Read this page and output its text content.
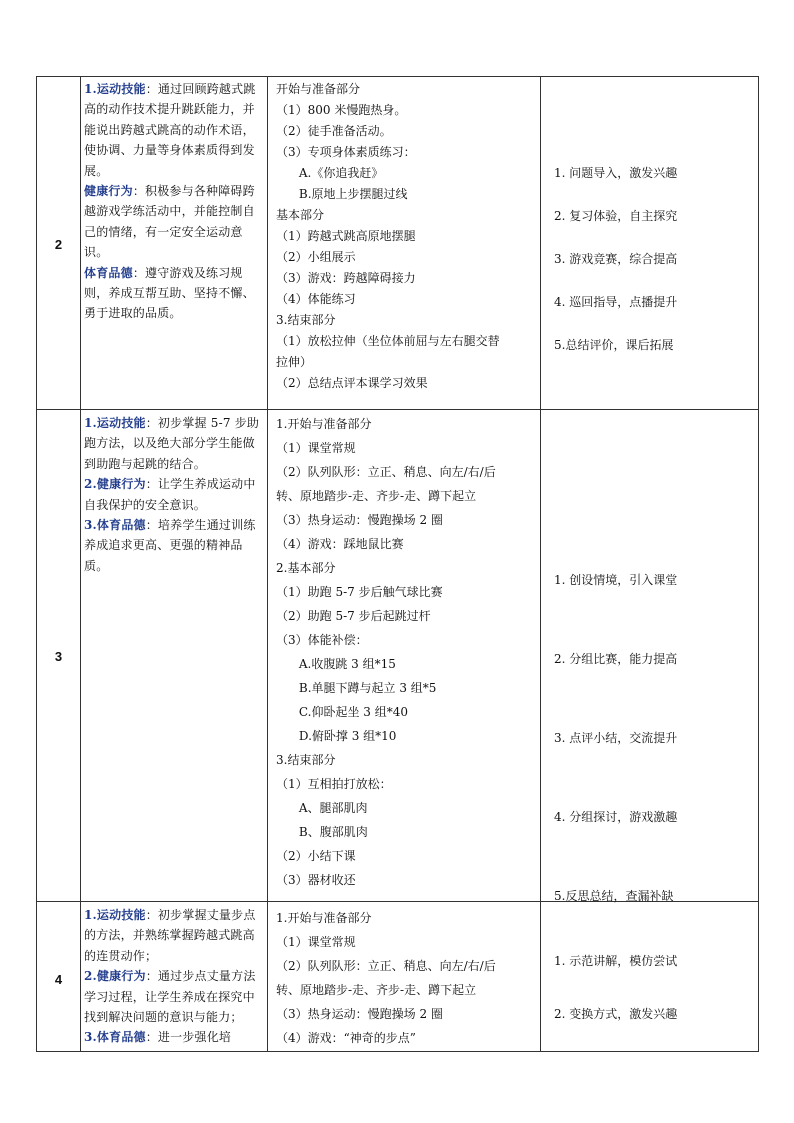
2

1.运动技能：通过回顾跨越式跳高的动作技术提升跳跃能力，并能说出跨越式跳高的动作术语，使协调、力量等身体素质得到发展。

健康行为：积极参与各种障碍跨越游戏学练活动中，并能控制自己的情绪，有一定安全运动意识。

体育品德：遵守游戏及练习规则，养成互帮互助、坚持不懈、勇于进取的品质。

开始与准备部分
（1）800 米慢跑热身。
（2）徒手准备活动。
（3）专项身体素质练习：
A.《你追我赶》
B.原地上步摆腿过线
基本部分
（1）跨越式跳高原地摆腿
（2）小组展示
（3）游戏：跨越障碍接力
（4）体能练习
3.结束部分
（1）放松拉伸（坐位体前屈与左右腿交替
拉伸）
（2）总结点评本课学习效果
1. 问题导入，激发兴趣
2. 复习体验，自主探究
3. 游戏竞赛，综合提高
4. 巡回指导，点播提升
5.总结评价，课后拓展
3

1.运动技能：初步掌握 5-7 步助跑方法，以及绝大部分学生能做到助跑与起跳的结合。

2.健康行为：让学生养成运动中自我保护的安全意识。

3.体育品德：培养学生通过训练养成追求更高、更强的精神品质。

1.开始与准备部分
（1）课堂常规
（2）队列队形：立正、稍息、向左/右/后
转、原地踏步-走、齐步-走、蹲下起立
（3）热身运动：慢跑操场 2 圈
（4）游戏：踩地鼠比赛
2.基本部分
（1）助跑 5-7 步后触气球比赛
（2）助跑 5-7 步后起跳过杆
（3）体能补偿：
A.收腹跳 3 组*15
B.单腿下蹲与起立 3 组*5
C.仰卧起坐 3 组*40
D.俯卧撑 3 组*10
3.结束部分
（1）互相拍打放松：
A、腿部肌肉
B、腹部肌肉
（2）小结下课
（3）器材收还
1. 创设情境，引入课堂
2. 分组比赛，能力提高
3. 点评小结，交流提升
4. 分组探讨，游戏激趣
5.反思总结，查漏补缺
4

1.运动技能：初步掌握丈量步点的方法，并熟练掌握跨越式跳高的连贯动作；

2.健康行为：通过步点丈量方法学习过程，让学生养成在探究中找到解决问题的意识与能力；

3.体育品德：进一步强化培

1.开始与准备部分
（1）课堂常规
（2）队列队形：立正、稍息、向左/右/后
转、原地踏步-走、齐步-走、蹲下起立
（3）热身运动：慢跑操场 2 圈
（4）游戏：“神奇的步点”
1. 示范讲解，模仿尝试
2. 变换方式，激发兴趣
